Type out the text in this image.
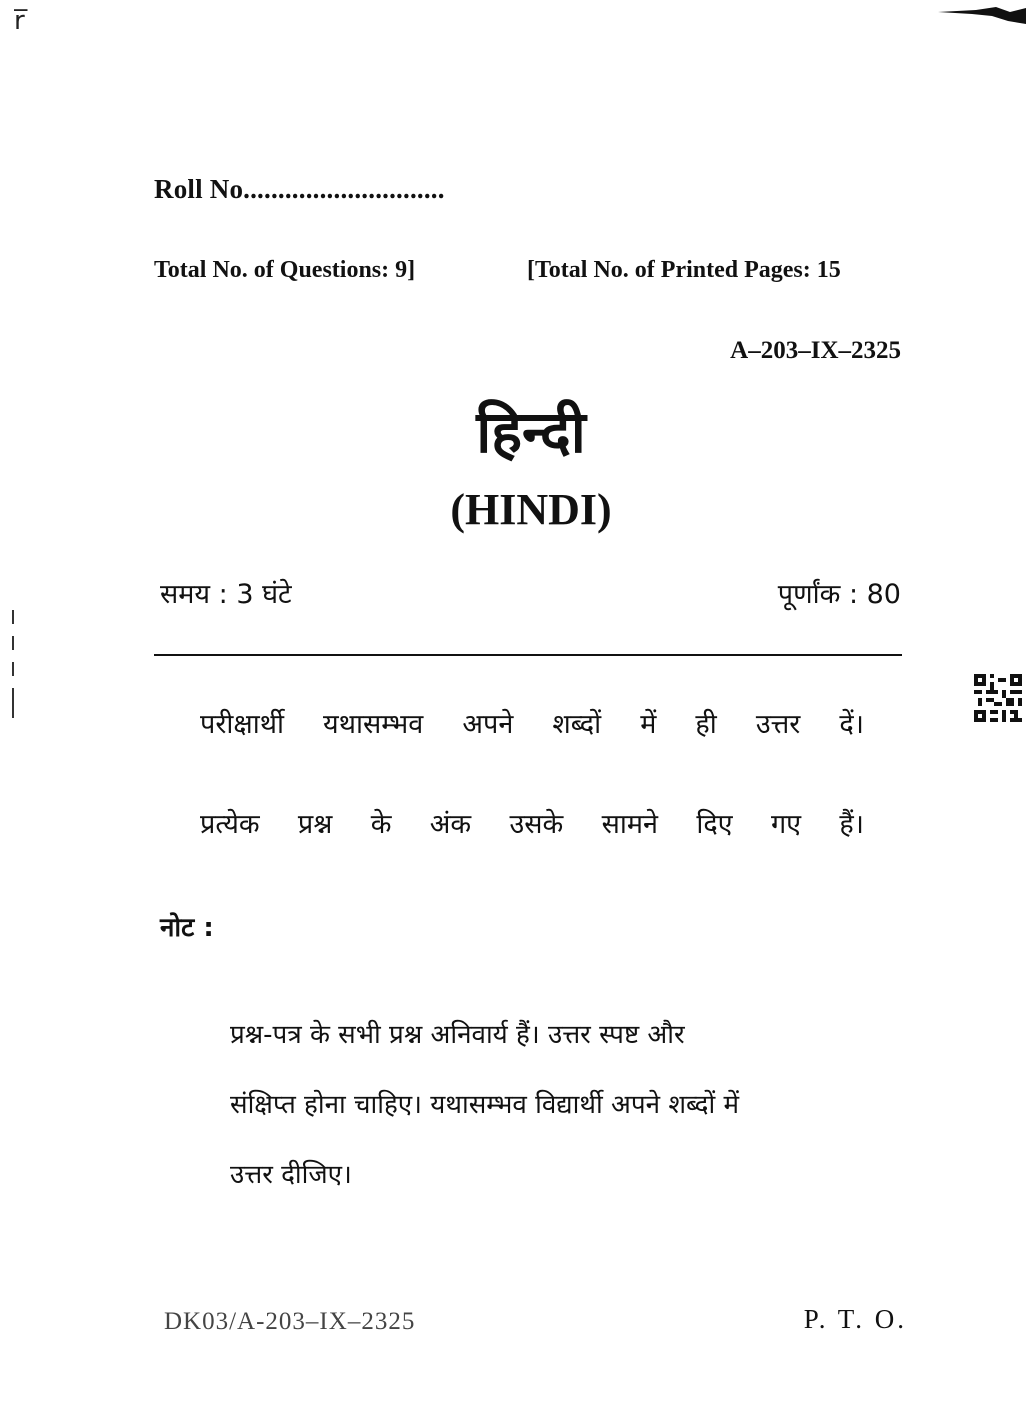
r̅
Roll No.............................
Total No. of Questions: 9]	[Total No. of Printed Pages: 15
A–203–IX–2325
हिन्दी
(HINDI)
समय : 3 घंटे	पूर्णांक : 80
परीक्षार्थी यथासम्भव अपने शब्दों में ही उत्तर दें।
प्रत्येक प्रश्न के अंक उसके सामने दिए गए हैं।
नोट :
प्रश्न-पत्र के सभी प्रश्न अनिवार्य हैं। उत्तर स्पष्ट और
संक्षिप्त होना चाहिए। यथासम्भव विद्यार्थी अपने शब्दों में
उत्तर दीजिए।
DK03/A-203–IX–2325	P. T. O.
